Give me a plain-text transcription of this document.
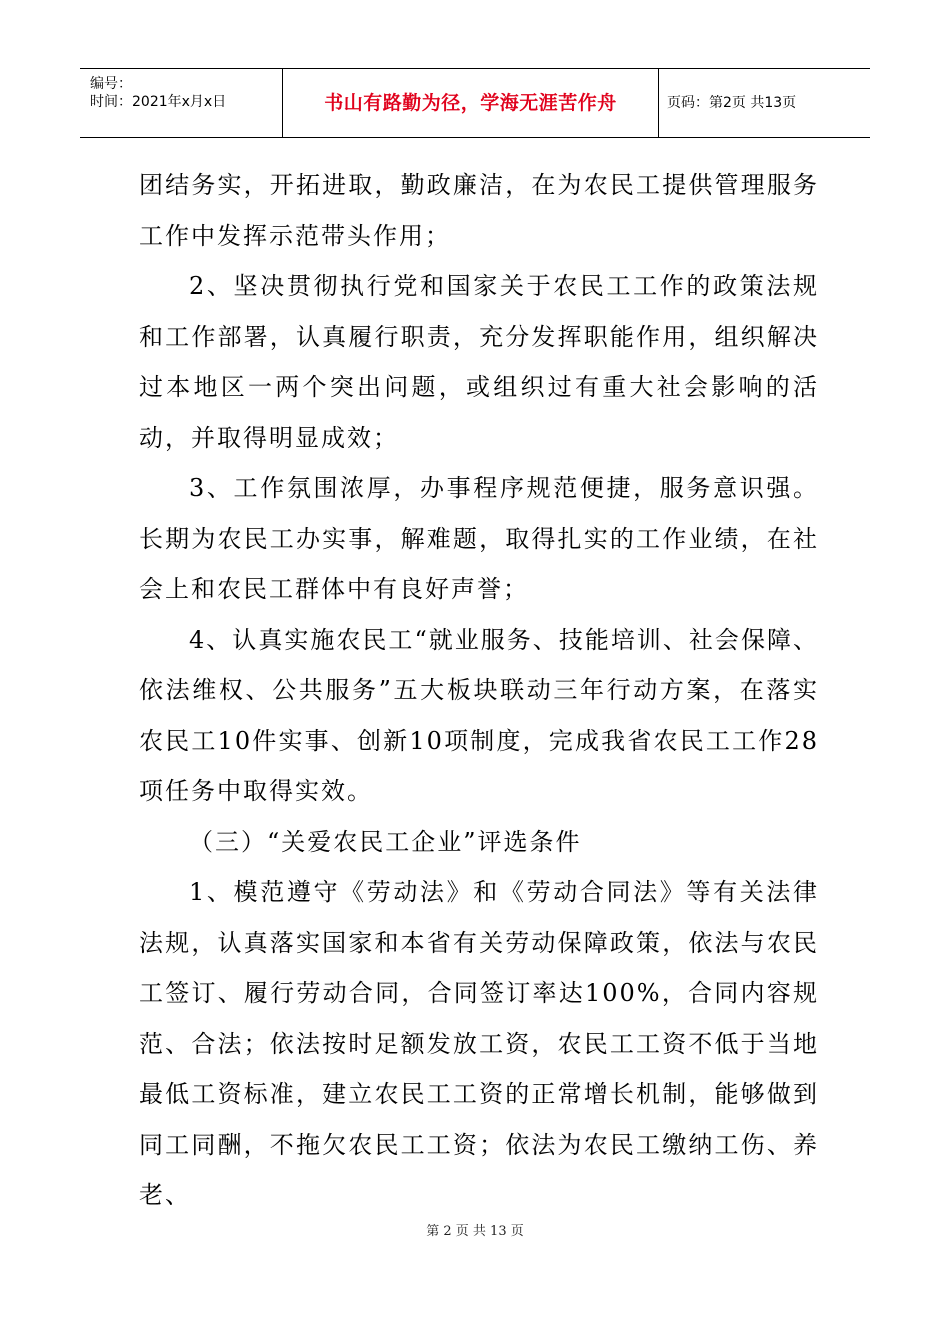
编号：
时间：2021年x月x日	书山有路勤为径，学海无涯苦作舟	页码：第2页 共13页

团结务实，开拓进取，勤政廉洁，在为农民工提供管理服务工作中发挥示范带头作用；

2、坚决贯彻执行党和国家关于农民工工作的政策法规和工作部署，认真履行职责，充分发挥职能作用，组织解决过本地区一两个突出问题，或组织过有重大社会影响的活动，并取得明显成效；

3、工作氛围浓厚，办事程序规范便捷，服务意识强。长期为农民工办实事，解难题，取得扎实的工作业绩，在社会上和农民工群体中有良好声誉；

4、认真实施农民工“就业服务、技能培训、社会保障、依法维权、公共服务”五大板块联动三年行动方案，在落实农民工10件实事、创新10项制度，完成我省农民工工作28项任务中取得实效。

（三）“关爱农民工企业”评选条件

1、模范遵守《劳动法》和《劳动合同法》等有关法律法规，认真落实国家和本省有关劳动保障政策，依法与农民工签订、履行劳动合同，合同签订率达100%，合同内容规范、合法；依法按时足额发放工资，农民工工资不低于当地最低工资标准，建立农民工工资的正常增长机制，能够做到同工同酬，不拖欠农民工工资；依法为农民工缴纳工伤、养老、

第 2 页 共 13 页
